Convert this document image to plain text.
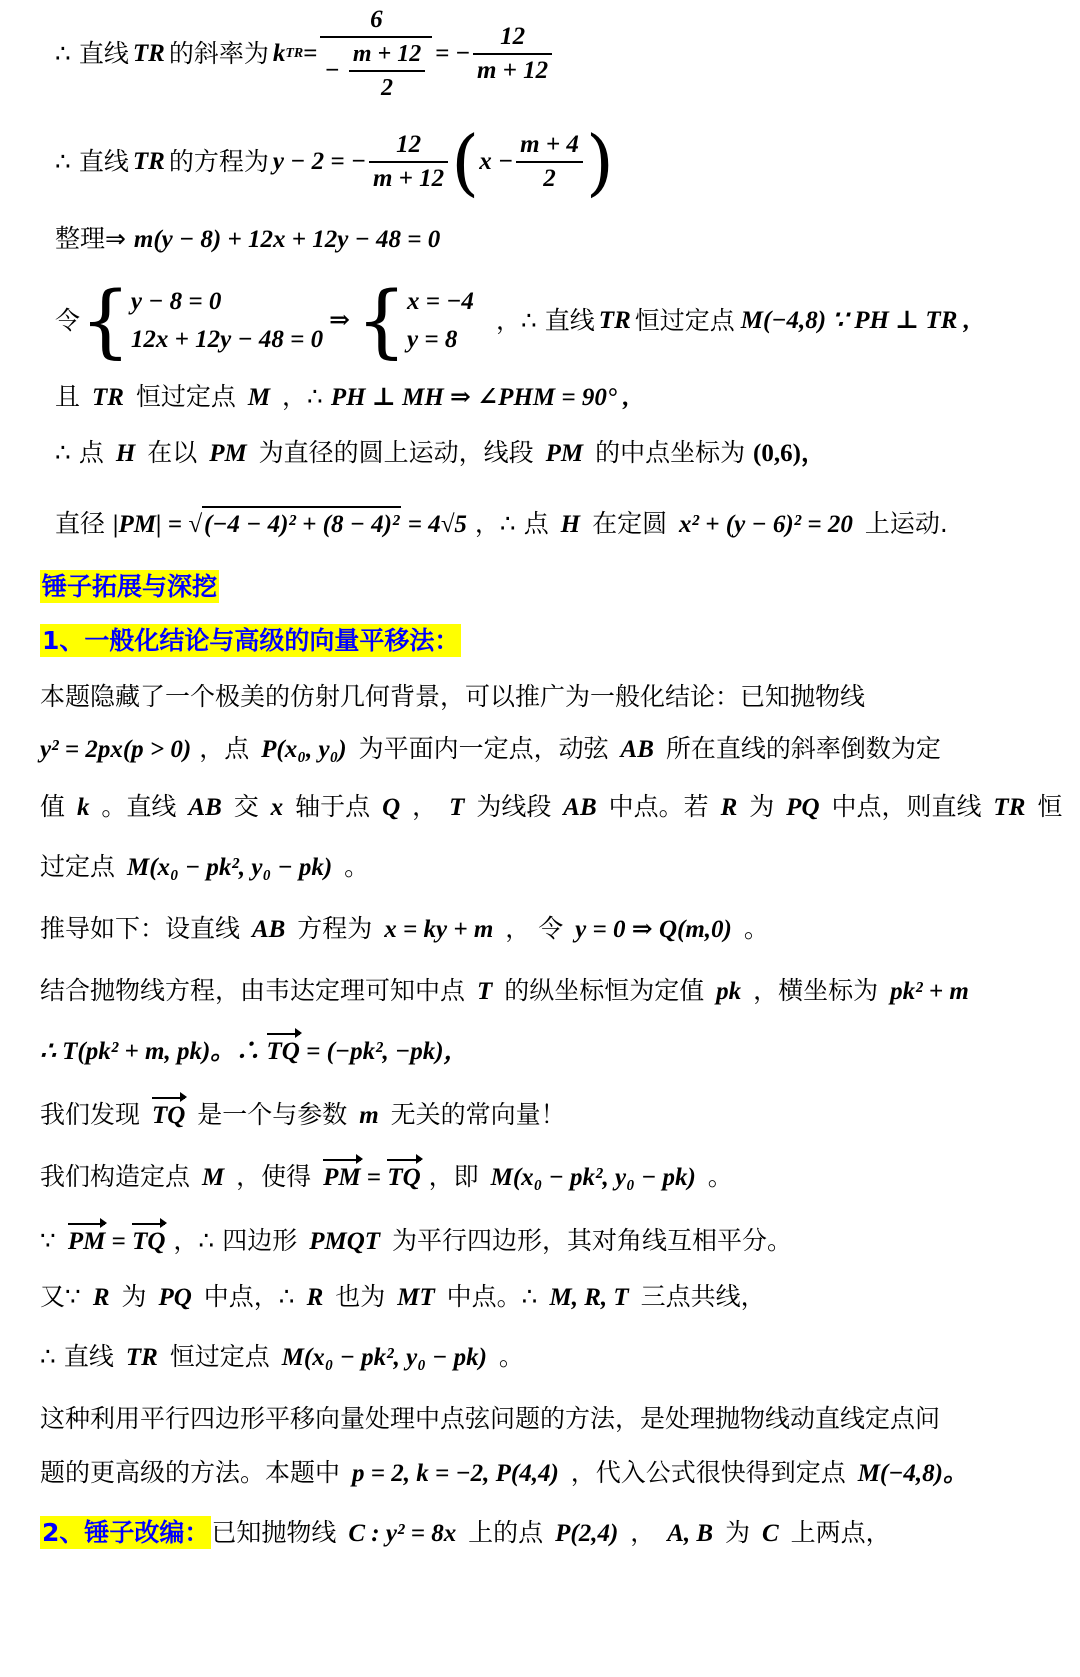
∴ 直线 TR 的斜率为 k TR = $\frac{6}{- \frac{m + 12}{2}}$ = − $\frac{12}{m + 12}$
∴ 直线 TR 的方程为 y − 2 = − $\frac{12}{m + 12}$ ( $x - \frac{m + 4}{2}$ )
整理⇒ m(y − 8) + 12x + 12y − 48 = 0
令 { y − 8 = 0
12x + 12y − 48 = 0
⇒ { x = −4
y = 8
，∴ 直线 TR 恒过定点 M(−4,8) ∵ PH ⊥ TR ,
且 TR 恒过定点 M ，∴ PH ⊥ MH ⇒ ∠PHM = 90° ,
∴ 点 H 在以 PM 为直径的圆上运动，线段 PM 的中点坐标为 (0,6)，
直径 |PM| = √(−4 − 4)² + (8 − 4)² = 4√5 ，∴ 点 H 在定圆 x² + (y − 6)² = 20 上运动.
锤子拓展与深挖
1、一般化结论与高级的向量平移法：
本题隐藏了一个极美的仿射几何背景，可以推广为一般化结论：已知抛物线
y² = 2px(p > 0) ，点 P(x₀, y₀) 为平面内一定点，动弦 AB 所在直线的斜率倒数为定
值 k 。直线 AB 交 x 轴于点 Q ， T 为线段 AB 中点。若 R 为 PQ 中点，则直线 TR 恒
过定点 M(x₀ − pk², y₀ − pk) 。
推导如下：设直线 AB 方程为 x = ky + m ， 令 y = 0 ⇒ Q(m,0) 。
结合抛物线方程，由韦达定理可知中点 T 的纵坐标恒为定值 pk ，横坐标为 pk² + m
∴ T(pk² + m, pk)。∴ TQ = (−pk², −pk)，
我们发现 TQ 是一个与参数 m 无关的常向量！
我们构造定点 M ，使得 PM = TQ ，即 M(x₀ − pk², y₀ − pk) 。
∵ PM = TQ ，∴ 四边形 PMQT 为平行四边形，其对角线互相平分。
又∵ R 为 PQ 中点，∴ R 也为 MT 中点。∴ M, R, T 三点共线，
∴ 直线 TR 恒过定点 M(x₀ − pk², y₀ − pk) 。
这种利用平行四边形平移向量处理中点弦问题的方法，是处理抛物线动直线定点问
题的更高级的方法。本题中 p = 2, k = −2, P(4,4) ，代入公式很快得到定点 M(−4,8)。
2、锤子改编：已知抛物线 C : y² = 8x 上的点 P(2,4) ， A, B 为 C 上两点，
